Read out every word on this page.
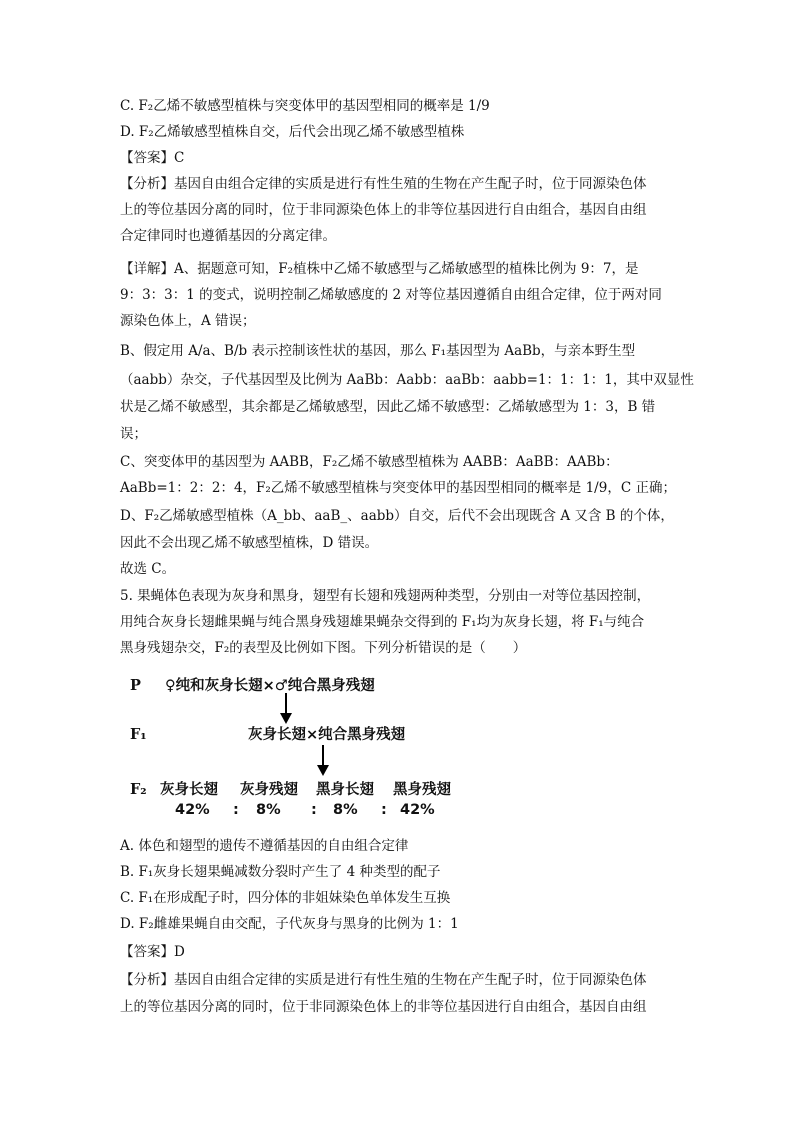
C. F₂乙烯不敏感型植株与突变体甲的基因型相同的概率是 1/9
D. F₂乙烯敏感型植株自交，后代会出现乙烯不敏感型植株
【答案】C
【分析】基因自由组合定律的实质是进行有性生殖的生物在产生配子时，位于同源染色体
上的等位基因分离的同时，位于非同源染色体上的非等位基因进行自由组合，基因自由组
合定律同时也遵循基因的分离定律。
【详解】A、据题意可知，F₂植株中乙烯不敏感型与乙烯敏感型的植株比例为 9：7，是
9：3：3：1 的变式，说明控制乙烯敏感度的 2 对等位基因遵循自由组合定律，位于两对同
源染色体上，A 错误；
B、假定用 A/a、B/b 表示控制该性状的基因，那么 F₁基因型为 AaBb，与亲本野生型
（aabb）杂交，子代基因型及比例为 AaBb：Aabb：aaBb：aabb=1：1：1：1，其中双显性
状是乙烯不敏感型，其余都是乙烯敏感型，因此乙烯不敏感型：乙烯敏感型为 1：3，B 错
误；
C、突变体甲的基因型为 AABB，F₂乙烯不敏感型植株为 AABB：AaBB：AABb：
AaBb=1：2：2：4，F₂乙烯不敏感型植株与突变体甲的基因型相同的概率是 1/9，C 正确；
D、F₂乙烯敏感型植株（A_bb、aaB_、aabb）自交，后代不会出现既含 A 又含 B 的个体，
因此不会出现乙烯不敏感型植株，D 错误。
故选 C。
5. 果蝇体色表现为灰身和黑身，翅型有长翅和残翅两种类型，分别由一对等位基因控制，
用纯合灰身长翅雌果蝇与纯合黑身残翅雄果蝇杂交得到的 F₁均为灰身长翅，将 F₁与纯合
黑身残翅杂交，F₂的表型及比例如下图。下列分析错误的是（　　）
P ♀纯和灰身长翅×♂纯合黑身残翅
F₁	灰身长翅×纯合黑身残翅
F₂ 灰身长翅 灰身残翅 黑身长翅 黑身残翅
42% : 8% : 8% : 42%
A. 体色和翅型的遗传不遵循基因的自由组合定律
B. F₁灰身长翅果蝇减数分裂时产生了 4 种类型的配子
C. F₁在形成配子时，四分体的非姐妹染色单体发生互换
D. F₂雌雄果蝇自由交配，子代灰身与黑身的比例为 1：1
【答案】D
【分析】基因自由组合定律的实质是进行有性生殖的生物在产生配子时，位于同源染色体
上的等位基因分离的同时，位于非同源染色体上的非等位基因进行自由组合，基因自由组
